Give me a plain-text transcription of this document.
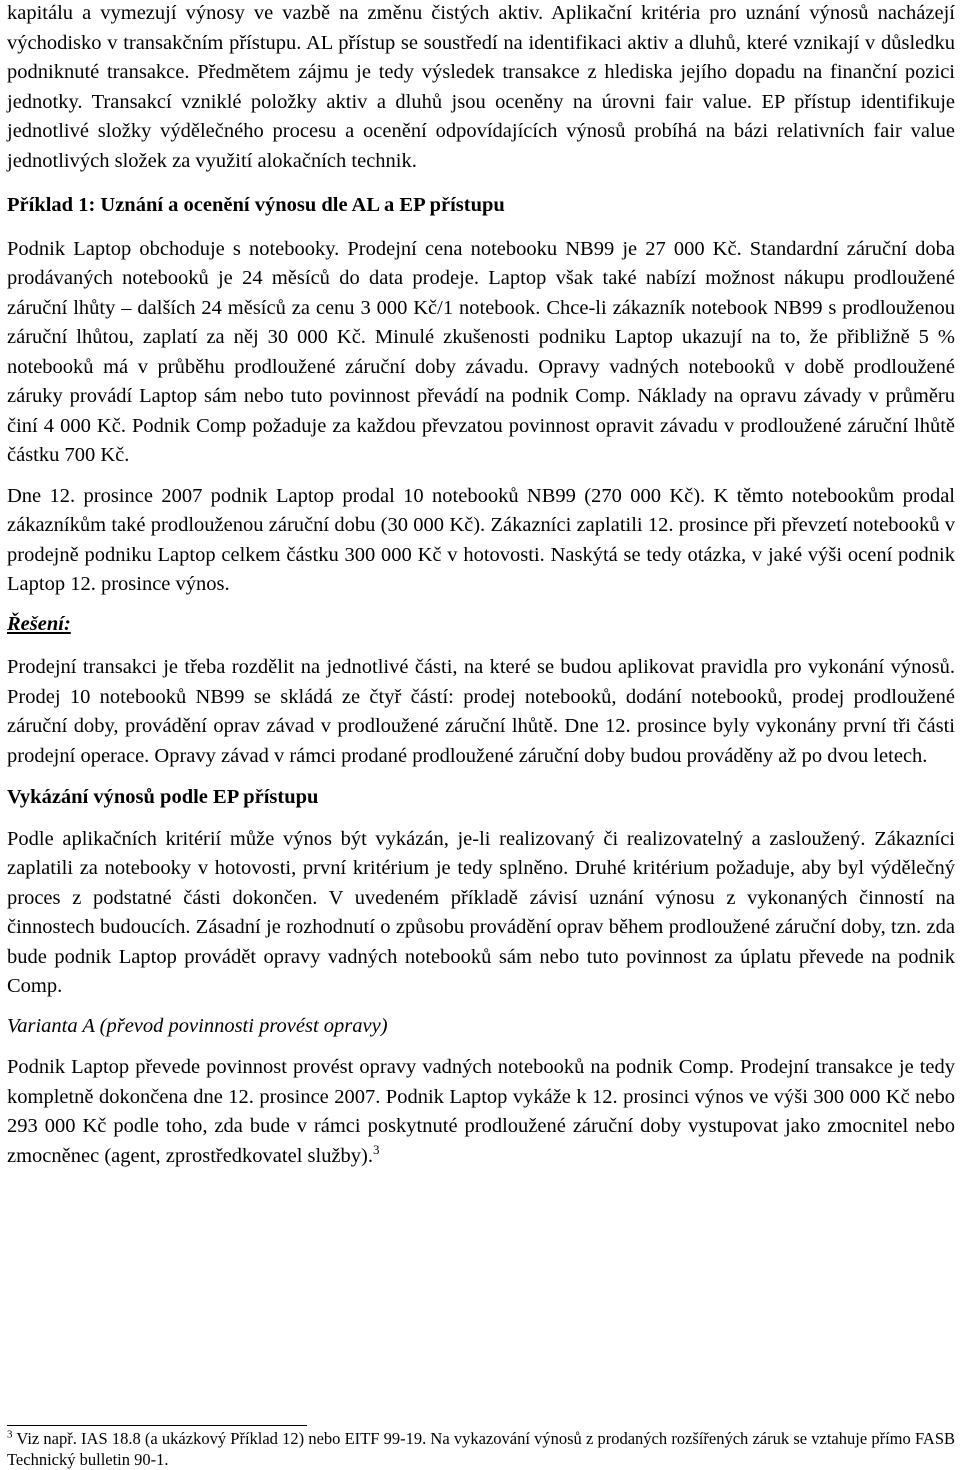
kapitálu a vymezují výnosy ve vazbě na změnu čistých aktiv. Aplikační kritéria pro uznání výnosů nacházejí východisko v transakčním přístupu. AL přístup se soustředí na identifikaci aktiv a dluhů, které vznikají v důsledku podniknuté transakce. Předmětem zájmu je tedy výsledek transakce z hlediska jejího dopadu na finanční pozici jednotky. Transakcí vzniklé položky aktiv a dluhů jsou oceněny na úrovni fair value. EP přístup identifikuje jednotlivé složky výdělečného procesu a ocenění odpovídajících výnosů probíhá na bázi relativních fair value jednotlivých složek za využití alokačních technik.

Příklad 1: Uznání a ocenění výnosu dle AL a EP přístupu

Podnik Laptop obchoduje s notebooky. Prodejní cena notebooku NB99 je 27 000 Kč. Standardní záruční doba prodávaných notebooků je 24 měsíců do data prodeje. Laptop však také nabízí možnost nákupu prodloužené záruční lhůty – dalších 24 měsíců za cenu 3 000 Kč/1 notebook. Chce-li zákazník notebook NB99 s prodlouženou záruční lhůtou, zaplatí za něj 30 000 Kč. Minulé zkušenosti podniku Laptop ukazují na to, že přibližně 5 % notebooků má v průběhu prodloužené záruční doby závadu. Opravy vadných notebooků v době prodloužené záruky provádí Laptop sám nebo tuto povinnost převádí na podnik Comp. Náklady na opravu závady v průměru činí 4 000 Kč. Podnik Comp požaduje za každou převzatou povinnost opravit závadu v prodloužené záruční lhůtě částku 700 Kč.

Dne 12. prosince 2007 podnik Laptop prodal 10 notebooků NB99 (270 000 Kč). K těmto notebookům prodal zákazníkům také prodlouženou záruční dobu (30 000 Kč). Zákazníci zaplatili 12. prosince při převzetí notebooků v prodejně podniku Laptop celkem částku 300 000 Kč v hotovosti. Naskýtá se tedy otázka, v jaké výši ocení podnik Laptop 12. prosince výnos.

Řešení:

Prodejní transakci je třeba rozdělit na jednotlivé části, na které se budou aplikovat pravidla pro vykonání výnosů. Prodej 10 notebooků NB99 se skládá ze čtyř částí: prodej notebooků, dodání notebooků, prodej prodloužené záruční doby, provádění oprav závad v prodloužené záruční lhůtě. Dne 12. prosince byly vykonány první tři části prodejní operace. Opravy závad v rámci prodané prodloužené záruční doby budou prováděny až po dvou letech.

Vykázání výnosů podle EP přístupu

Podle aplikačních kritérií může výnos být vykázán, je-li realizovaný či realizovatelný a zasloužený. Zákazníci zaplatili za notebooky v hotovosti, první kritérium je tedy splněno. Druhé kritérium požaduje, aby byl výdělečný proces z podstatné části dokončen. V uvedeném příkladě závisí uznání výnosu z vykonaných činností na činnostech budoucích. Zásadní je rozhodnutí o způsobu provádění oprav během prodloužené záruční doby, tzn. zda bude podnik Laptop provádět opravy vadných notebooků sám nebo tuto povinnost za úplatu převede na podnik Comp.

Varianta A (převod povinnosti provést opravy)

Podnik Laptop převede povinnost provést opravy vadných notebooků na podnik Comp. Prodejní transakce je tedy kompletně dokončena dne 12. prosince 2007. Podnik Laptop vykáže k 12. prosinci výnos ve výši 300 000 Kč nebo 293 000 Kč podle toho, zda bude v rámci poskytnuté prodloužené záruční doby vystupovat jako zmocnitel nebo zmocněnec (agent, zprostředkovatel služby).$^3$

$^3$ Viz např. IAS 18.8 (a ukázkový Příklad 12) nebo EITF 99-19. Na vykazování výnosů z prodaných rozšířených záruk se vztahuje přímo FASB Technický bulletin 90-1.
